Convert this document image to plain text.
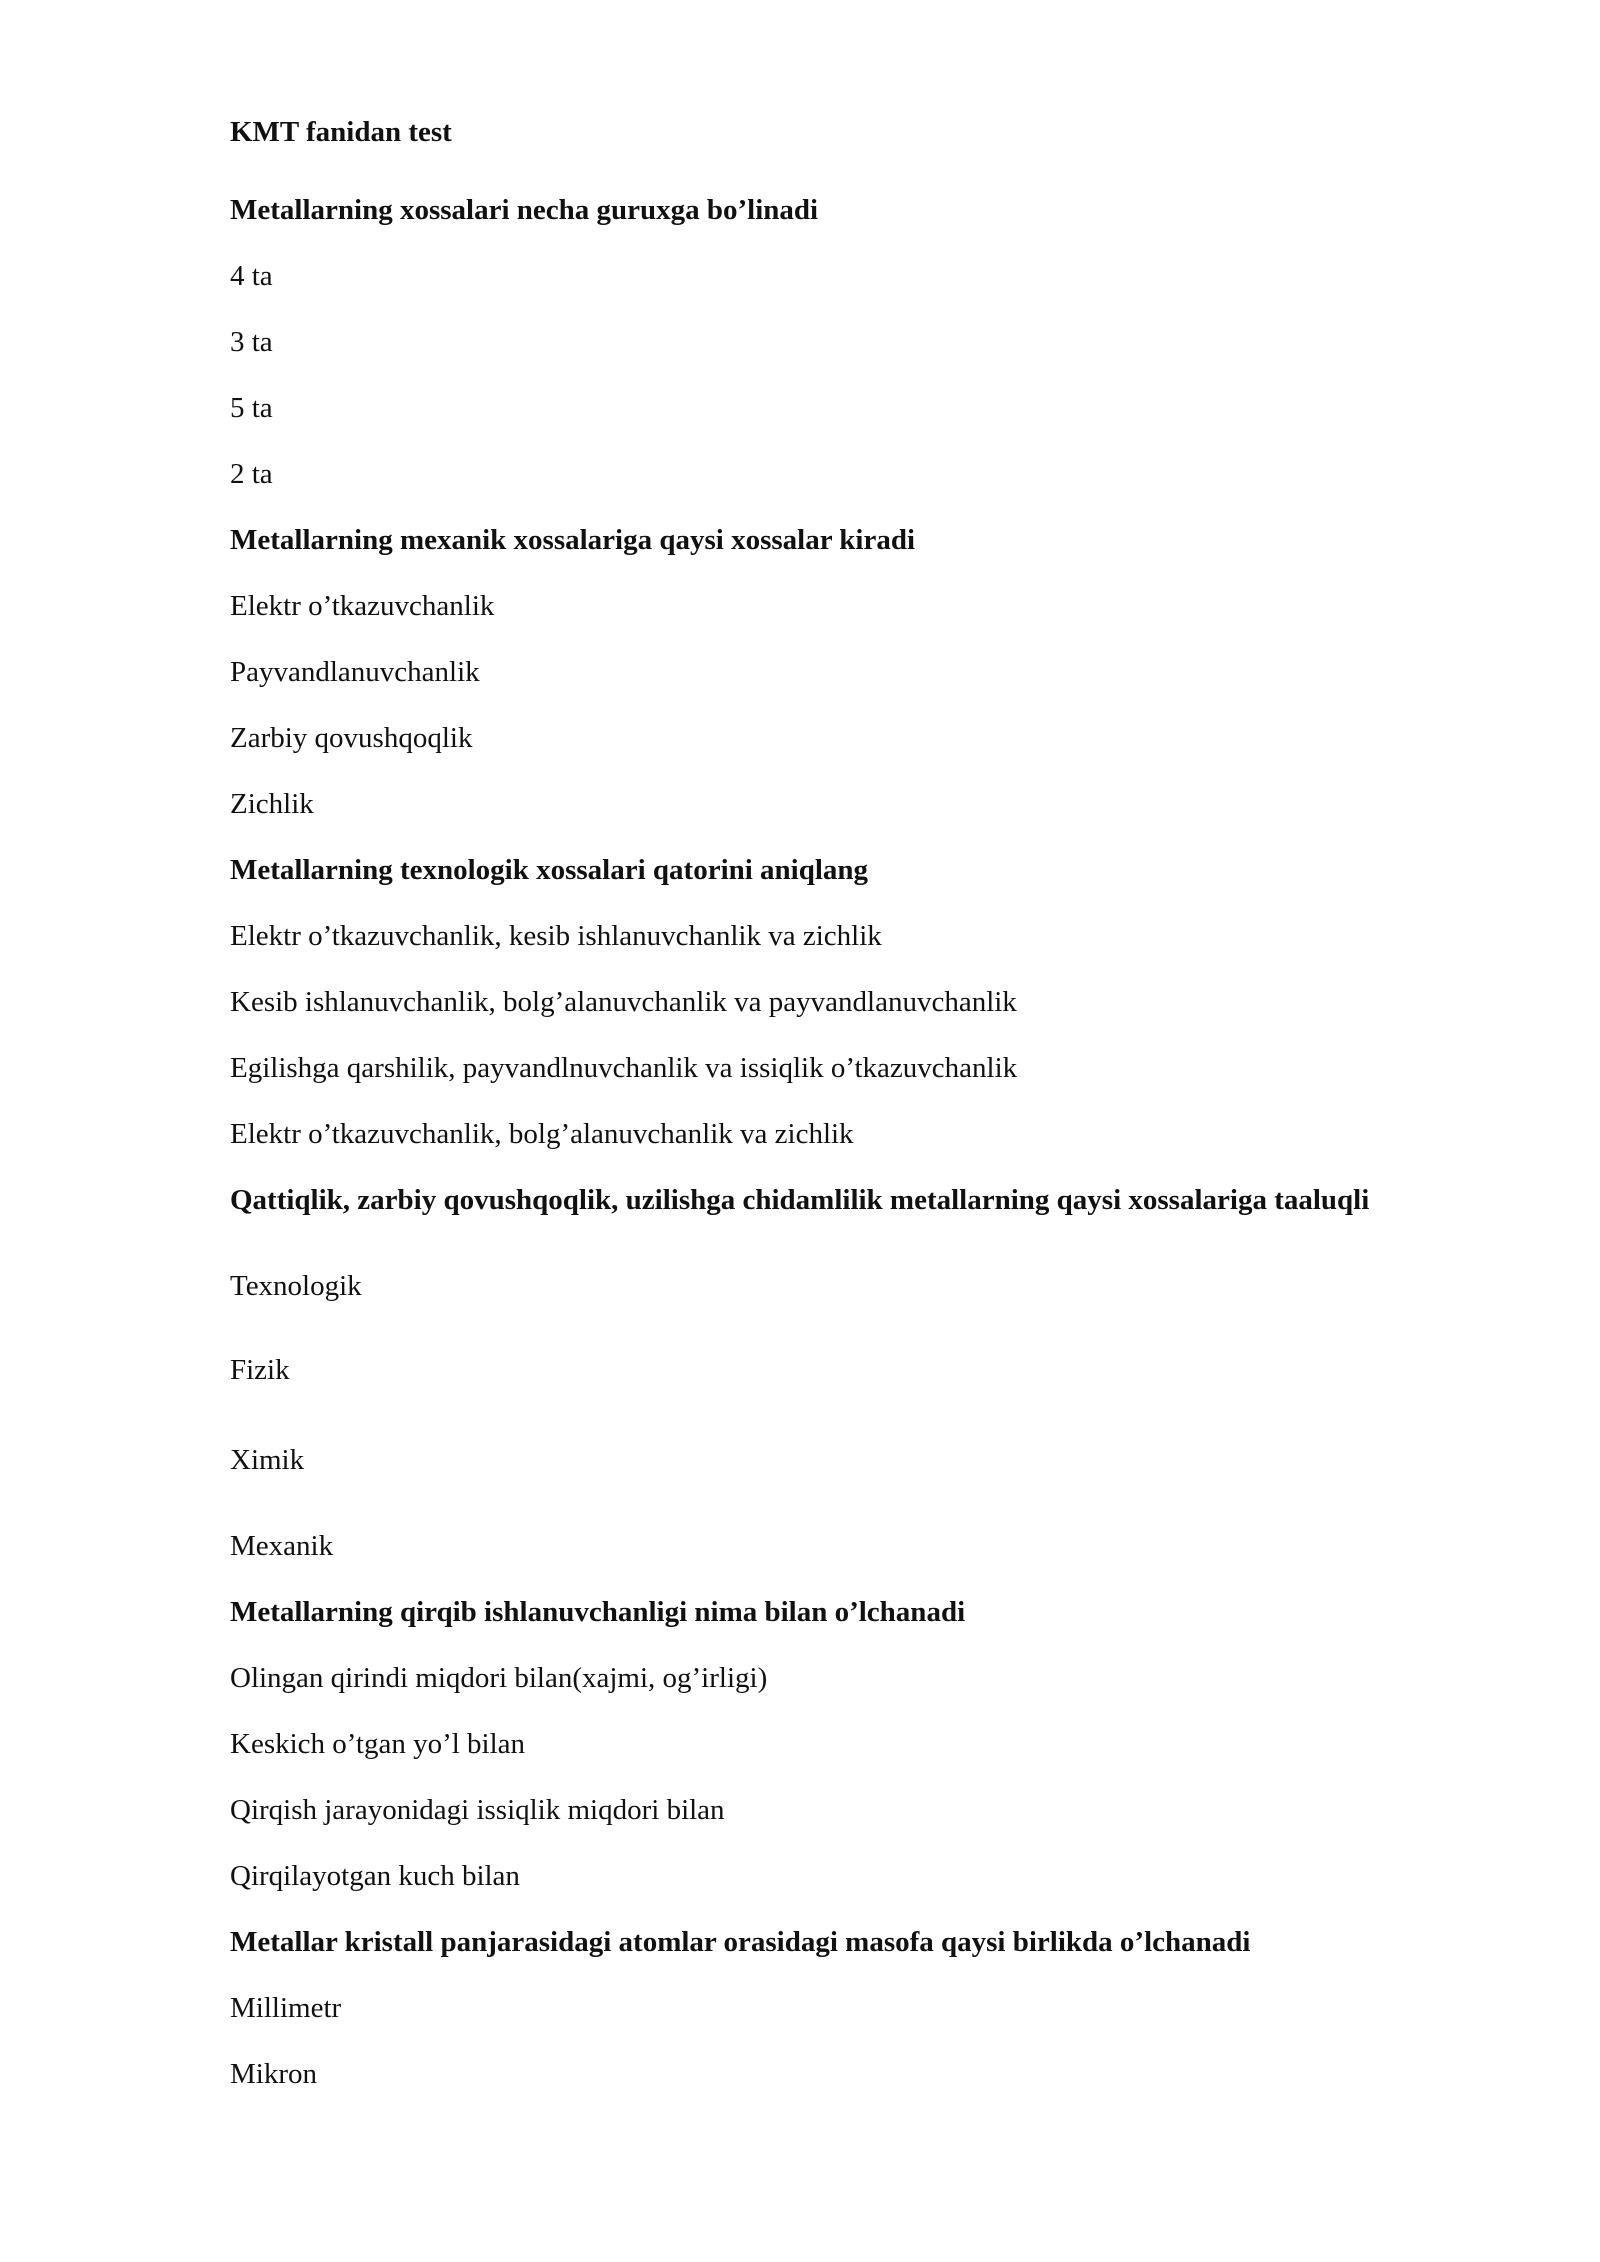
KMT fanidan test

Metallarning xossalari necha guruxga bo’linadi

4 ta

3 ta

5 ta

2 ta

Metallarning mexanik xossalariga qaysi xossalar kiradi

Elektr o’tkazuvchanlik

Payvandlanuvchanlik

Zarbiy qovushqoqlik

Zichlik

Metallarning texnologik xossalari qatorini aniqlang

Elektr o’tkazuvchanlik, kesib ishlanuvchanlik va zichlik

Kesib ishlanuvchanlik, bolg’alanuvchanlik va payvandlanuvchanlik

Egilishga qarshilik, payvandlnuvchanlik va issiqlik o’tkazuvchanlik

Elektr o’tkazuvchanlik, bolg’alanuvchanlik va zichlik

Qattiqlik, zarbiy qovushqoqlik, uzilishga chidamlilik metallarning qaysi xossalariga taaluqli

Texnologik

Fizik

Ximik

Mexanik

Metallarning qirqib ishlanuvchanligi nima bilan o’lchanadi

Olingan qirindi miqdori bilan(xajmi, og’irligi)

Keskich o’tgan yo’l bilan

Qirqish jarayonidagi issiqlik miqdori bilan

Qirqilayotgan kuch bilan

Metallar kristall panjarasidagi atomlar orasidagi masofa qaysi birlikda o’lchanadi

Millimetr

Mikron
